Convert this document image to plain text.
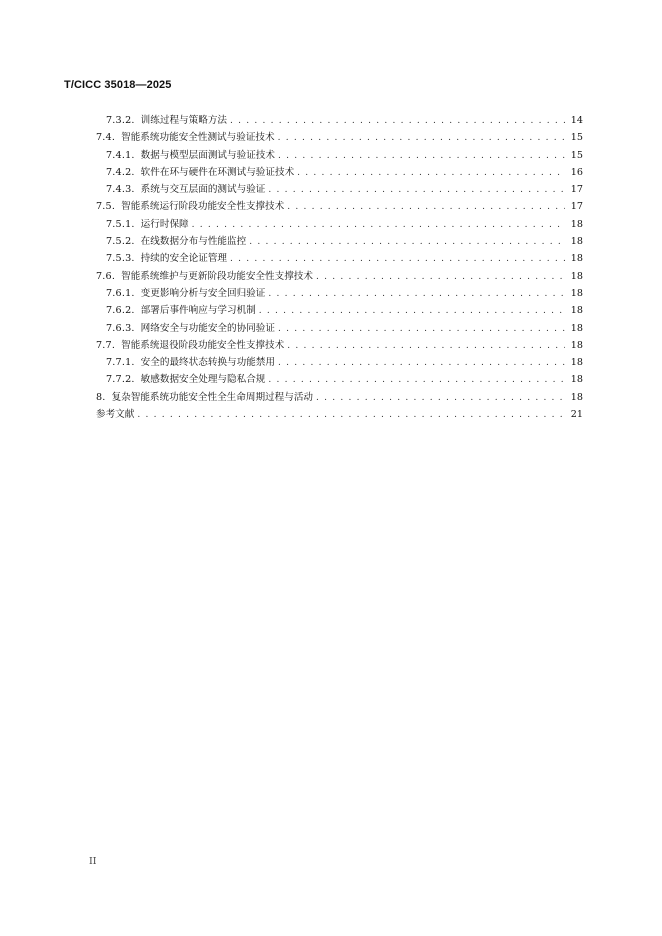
T/CICC 35018—2025
7.3.2. 训练过程与策略方法 . . .	14
7.4. 智能系统功能安全性测试与验证技术 . . .	15
7.4.1. 数据与模型层面测试与验证技术 . . .	15
7.4.2. 软件在环与硬件在环测试与验证技术 . . .	16
7.4.3. 系统与交互层面的测试与验证 . . .	17
7.5. 智能系统运行阶段功能安全性支撑技术 . . .	17
7.5.1. 运行时保障 . . .	18
7.5.2. 在线数据分布与性能监控 . . .	18
7.5.3. 持续的安全论证管理 . . .	18
7.6. 智能系统维护与更新阶段功能安全性支撑技术 . . .	18
7.6.1. 变更影响分析与安全回归验证 . . .	18
7.6.2. 部署后事件响应与学习机制 . . .	18
7.6.3. 网络安全与功能安全的协同验证 . . .	18
7.7. 智能系统退役阶段功能安全性支撑技术 . . .	18
7.7.1. 安全的最终状态转换与功能禁用 . . .	18
7.7.2. 敏感数据安全处理与隐私合规 . . .	18
8. 复杂智能系统功能安全性全生命周期过程与活动 . . .	18
参考文献 . . .	21
II
